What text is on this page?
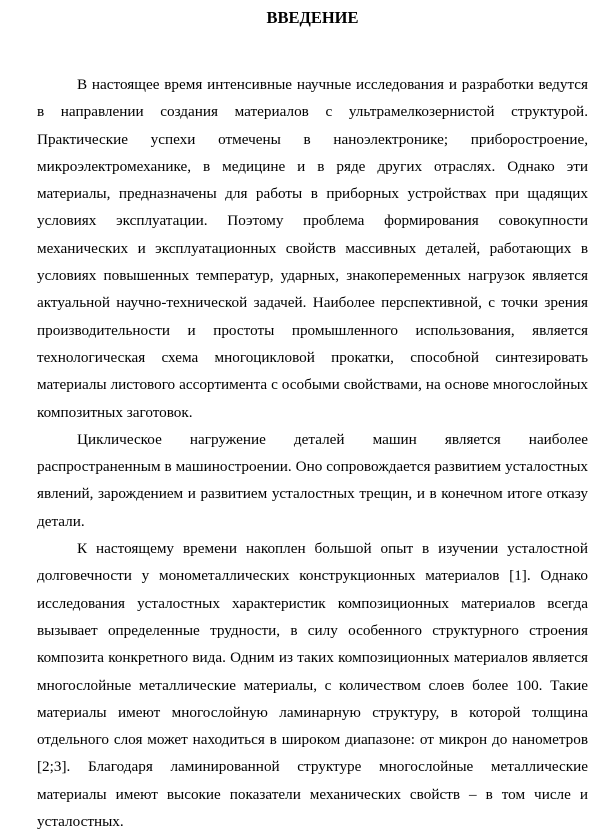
ВВЕДЕНИЕ

В настоящее время интенсивные научные исследования и разработки ведутся в направлении создания материалов с ультрамелкозернистой структурой. Практические успехи отмечены в наноэлектронике; приборостроение, микроэлектромеханике, в медицине и в ряде других отраслях. Однако эти материалы, предназначены для работы в приборных устройствах при щадящих условиях эксплуатации. Поэтому проблема формирования совокупности механических и эксплуатационных свойств массивных деталей, работающих в условиях повышенных температур, ударных, знакопеременных нагрузок является актуальной научно-технической задачей. Наиболее перспективной, с точки зрения производительности и простоты промышленного использования, является технологическая схема многоцикловой прокатки, способной синтезировать материалы листового ассортимента с особыми свойствами, на основе многослойных композитных заготовок.

Циклическое нагружение деталей машин является наиболее распространенным в машиностроении. Оно сопровождается развитием усталостных явлений, зарождением и развитием усталостных трещин, и в конечном итоге отказу детали.

К настоящему времени накоплен большой опыт в изучении усталостной долговечности у монометаллических конструкционных материалов [1]. Однако исследования усталостных характеристик композиционных материалов всегда вызывает определенные трудности, в силу особенного структурного строения композита конкретного вида. Одним из таких композиционных материалов является многослойные металлические материалы, с количеством слоев более 100. Такие материалы имеют многослойную ламинарную структуру, в которой толщина отдельного слоя может находиться в широком диапазоне: от микрон до нанометров [2;3]. Благодаря ламинированной структуре многослойные металлические материалы имеют высокие показатели механических свойств – в том числе и усталостных.
